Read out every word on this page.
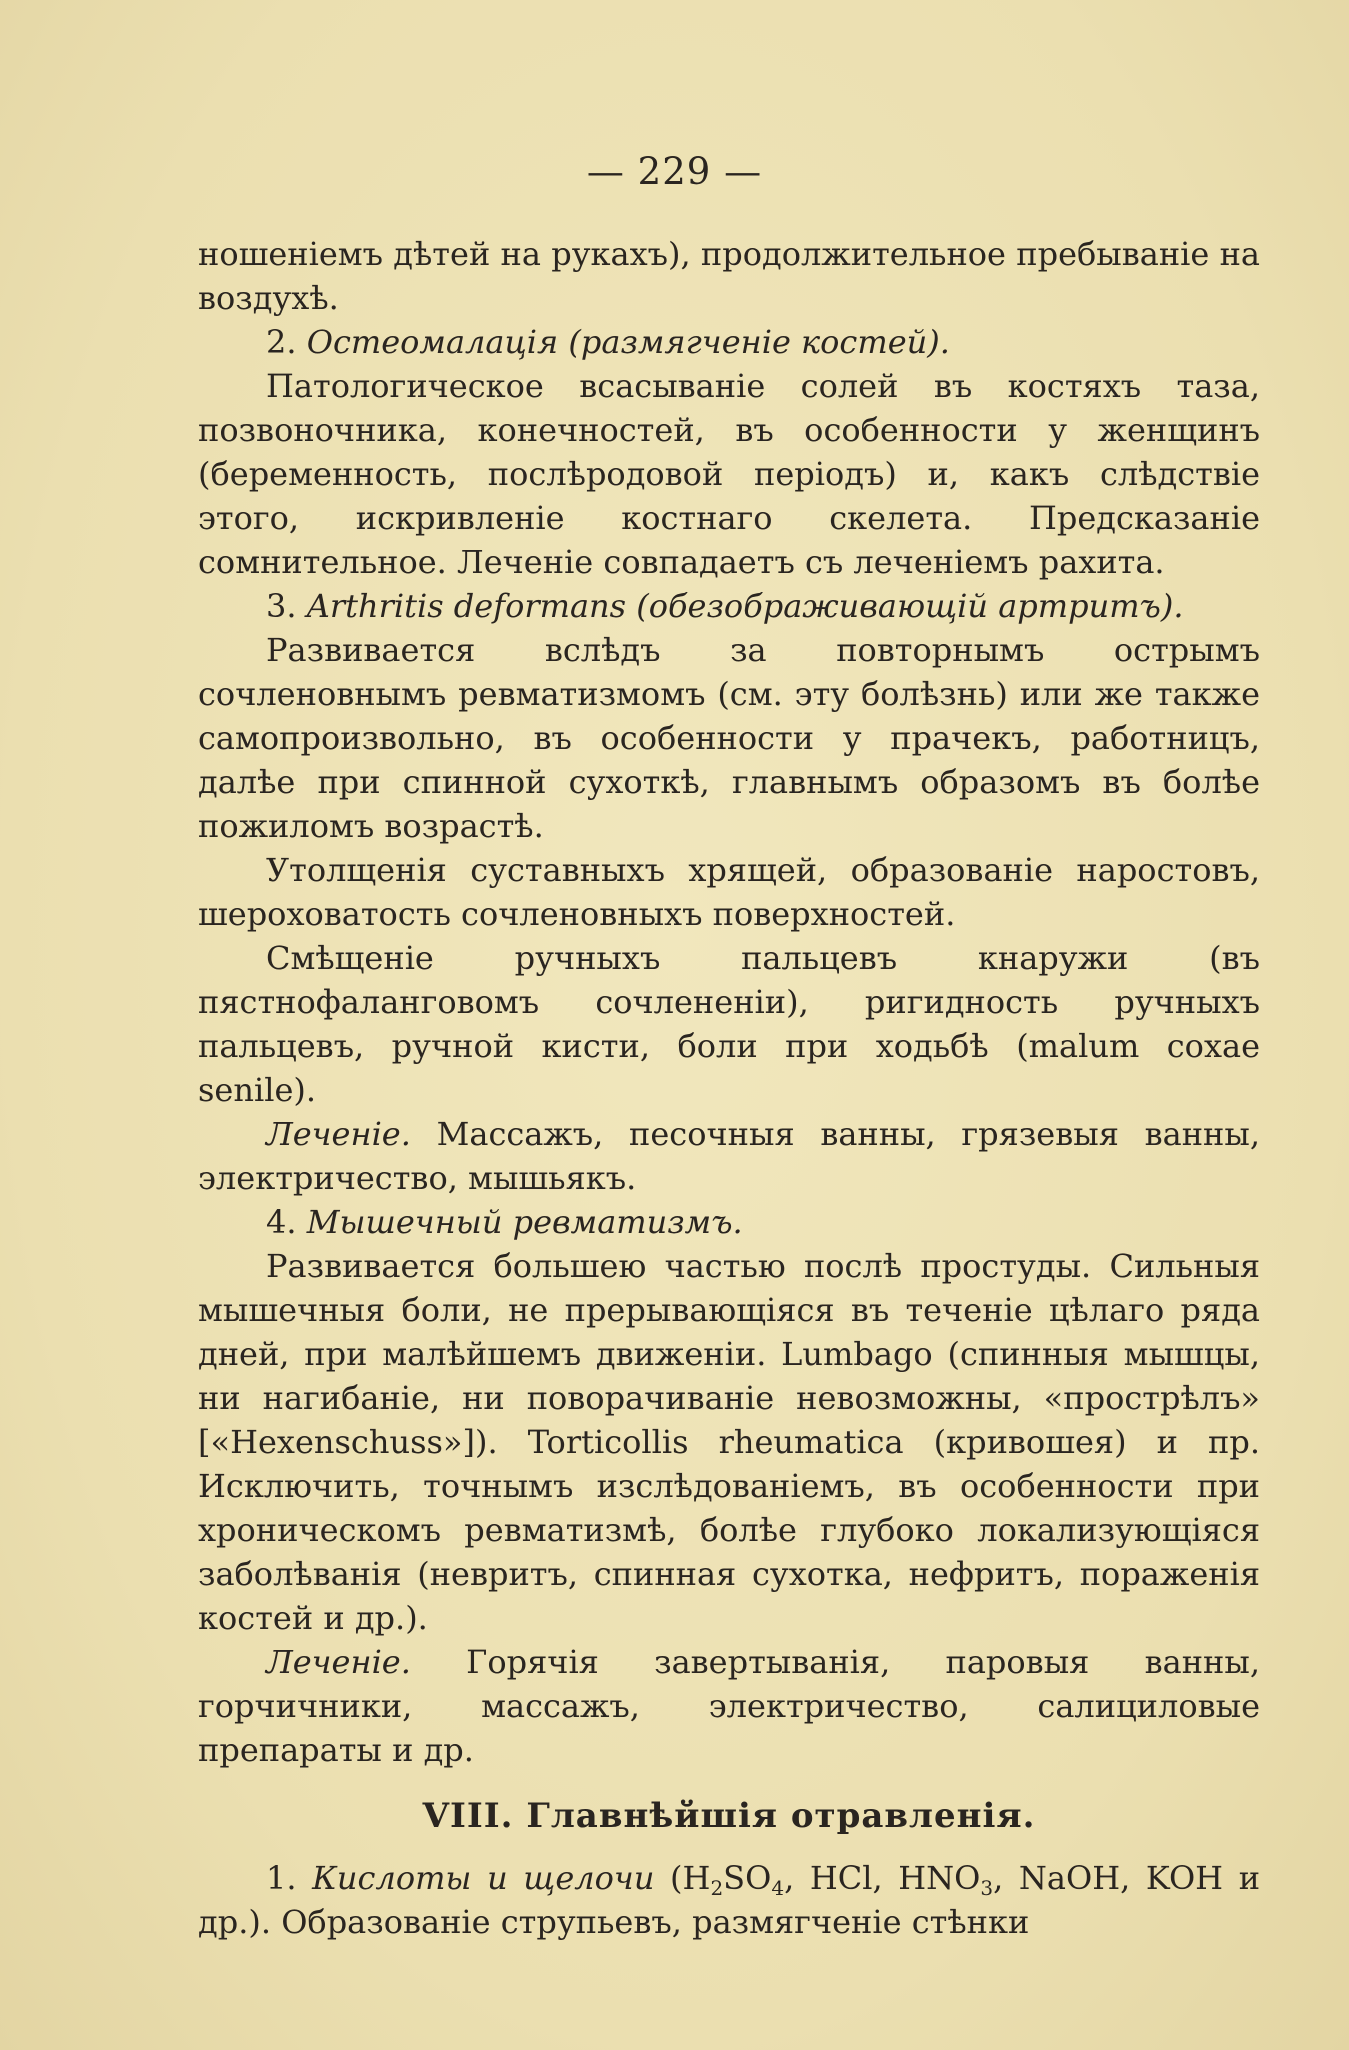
— 229 —

ношеніемъ дѣтей на рукахъ), продолжительное пребываніе на воздухѣ.

2. Остеомалація (размягченіе костей).

Патологическое всасываніе солей въ костяхъ таза, позвоночника, конечностей, въ особенности у женщинъ (беременность, послѣродовой періодъ) и, какъ слѣдствіе этого, искривленіе костнаго скелета. Предсказаніе сомнительное. Леченіе совпадаетъ съ леченіемъ рахита.

3. Arthritis deformans (обезображивающій артритъ).

Развивается вслѣдъ за повторнымъ острымъ сочленовнымъ ревматизмомъ (см. эту болѣзнь) или же также самопроизвольно, въ особенности у прачекъ, работницъ, далѣе при спинной сухоткѣ, главнымъ образомъ въ болѣе пожиломъ возрастѣ.

Утолщенія суставныхъ хрящей, образованіе наростовъ, шероховатость сочленовныхъ поверхностей.

Смѣщеніе ручныхъ пальцевъ кнаружи (въ пястнофаланговомъ сочлененіи), ригидность ручныхъ пальцевъ, ручной кисти, боли при ходьбѣ (malum coxae senile).

Леченіе. Массажъ, песочныя ванны, грязевыя ванны, электричество, мышьякъ.

4. Мышечный ревматизмъ.

Развивается большею частью послѣ простуды. Сильныя мышечныя боли, не прерывающіяся въ теченіе цѣлаго ряда дней, при малѣйшемъ движеніи. Lumbago (спинныя мышцы, ни нагибаніе, ни поворачиваніе невозможны, «прострѣлъ» [«Hexenschuss»]). Torticollis rheumatica (кривошея) и пр. Исключить, точнымъ изслѣдованіемъ, въ особенности при хроническомъ ревматизмѣ, болѣе глубоко локализующіяся заболѣванія (невритъ, спинная сухотка, нефритъ, пораженія костей и др.).

Леченіе. Горячія завертыванія, паровыя ванны, горчичники, массажъ, электричество, салициловые препараты и др.

VIII. Главнѣйшія отравленія.

1. Кислоты и щелочи ($H_2SO_4$, HCl, $HNO_3$, NaOH, KOH и др.). Образованіе струпьевъ, размягченіе стѣнки
